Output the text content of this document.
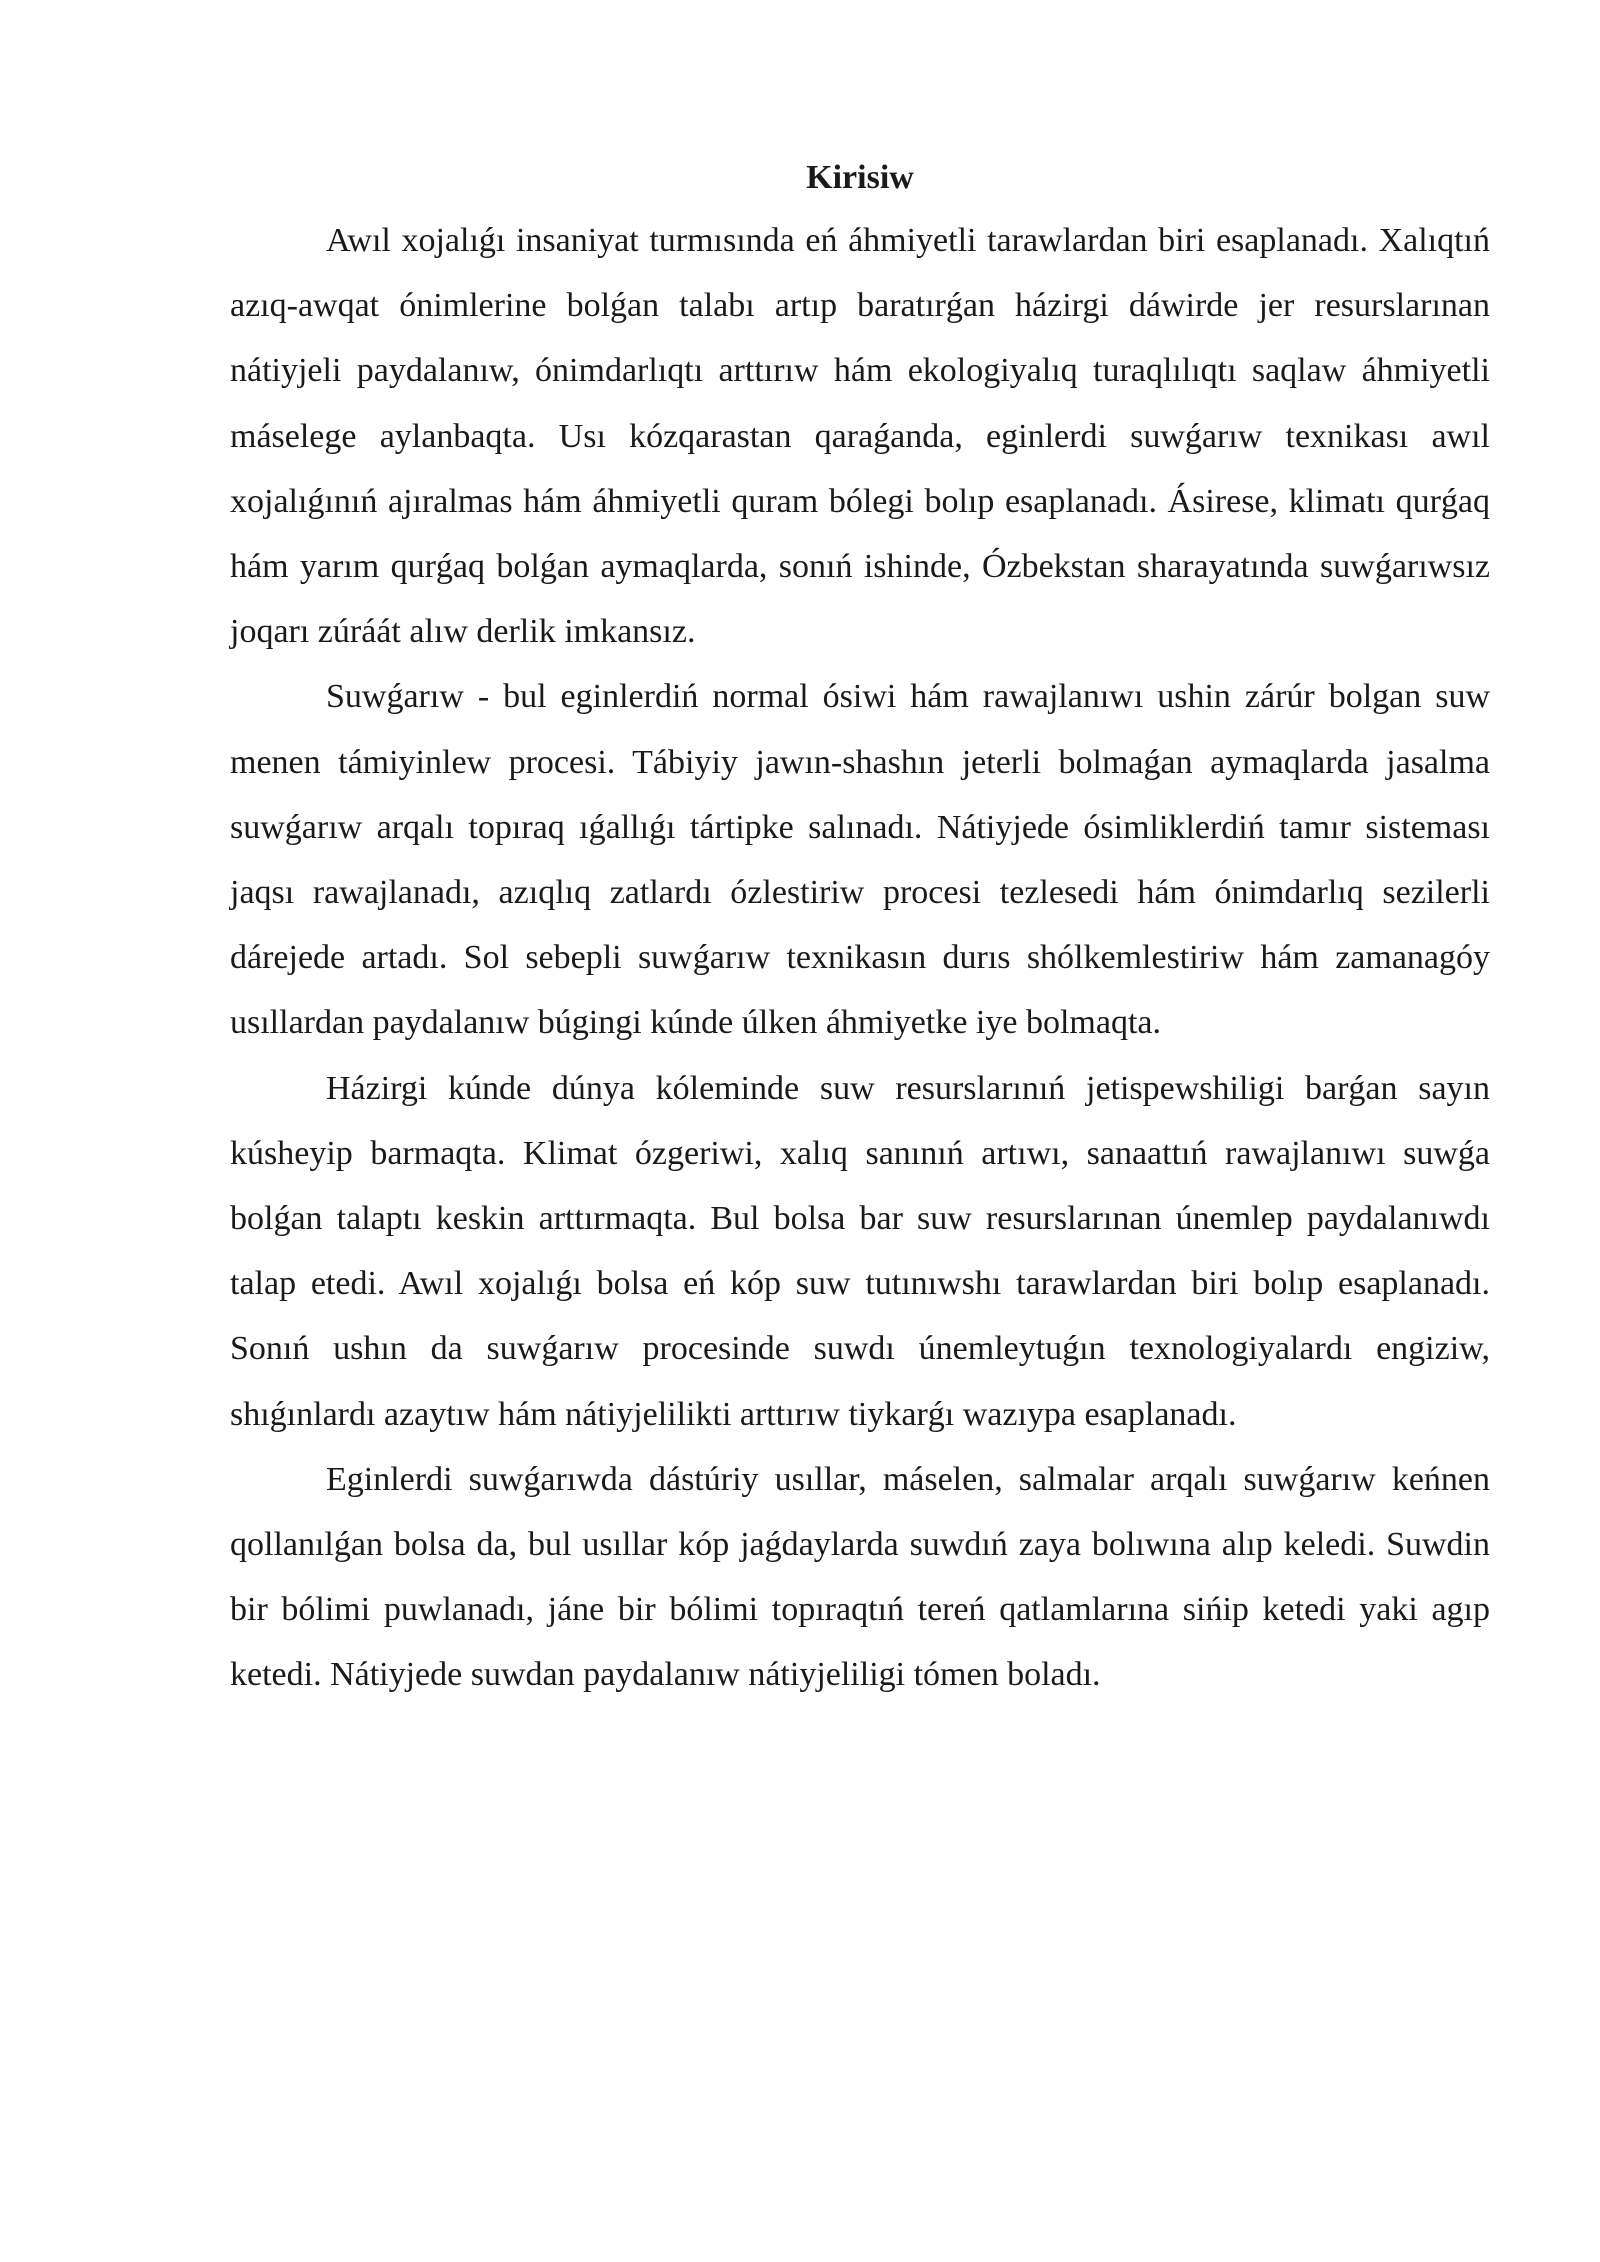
Kirisiw

Awıl xojalıǵı insaniyat turmısında eń áhmiyetli tarawlardan biri esaplanadı. Xalıqtıń azıq-awqat ónimlerine bolǵan talabı artıp baratırǵan házirgi dáwirde jer resurslarınan nátiyjeli paydalanıw, ónimdarlıqtı arttırıw hám ekologiyalıq turaqlılıqtı saqlaw áhmiyetli máselege aylanbaqta. Usı kózqarastan qaraǵanda, eginlerdi suwǵarıw texnikası awıl xojalıǵınıń ajıralmas hám áhmiyetli quram bólegi bolıp esaplanadı. Ásirese, klimatı qurǵaq hám yarım qurǵaq bolǵan aymaqlarda, sonıń ishinde, Ózbekstan sharayatında suwǵarıwsız joqarı zúráát alıw derlik imkansız.

Suwǵarıw - bul eginlerdiń normal ósiwi hám rawajlanıwı ushin zárúr bolgan suw menen támiyinlew procesi. Tábiyiy jawın-shashın jeterli bolmaǵan aymaqlarda jasalma suwǵarıw arqalı topıraq ıǵallıǵı tártipke salınadı. Nátiyjede ósimliklerdiń tamır sisteması jaqsı rawajlanadı, azıqlıq zatlardı ózlestiriw procesi tezlesedi hám ónimdarlıq sezilerli dárejede artadı. Sol sebepli suwǵarıw texnikasın durıs shólkemlestiriw hám zamanagóy usıllardan paydalanıw búgingi kúnde úlken áhmiyetke iye bolmaqta.

Házirgi kúnde dúnya kóleminde suw resurslarınıń jetispewshiligi barǵan sayın kúsheyip barmaqta. Klimat ózgeriwi, xalıq sanınıń artıwı, sanaattıń rawajlanıwı suwǵa bolǵan talaptı keskin arttırmaqta. Bul bolsa bar suw resurslarınan únemlep paydalanıwdı talap etedi. Awıl xojalıǵı bolsa eń kóp suw tutınıwshı tarawlardan biri bolıp esaplanadı. Sonıń ushın da suwǵarıw procesinde suwdı únemleytuǵın texnologiyalardı engiziw, shıǵınlardı azaytıw hám nátiyjelilikti arttırıw tiykarǵı wazıypa esaplanadı.

Eginlerdi suwǵarıwda dástúriy usıllar, máselen, salmalar arqalı suwǵarıw keńnen qollanılǵan bolsa da, bul usıllar kóp jaǵdaylarda suwdıń zaya bolıwına alıp keledi. Suwdin bir bólimi puwlanadı, jáne bir bólimi topıraqtıń tereń qatlamlarına sińip ketedi yaki agıp ketedi. Nátiyjede suwdan paydalanıw nátiyjeliligi tómen boladı.
